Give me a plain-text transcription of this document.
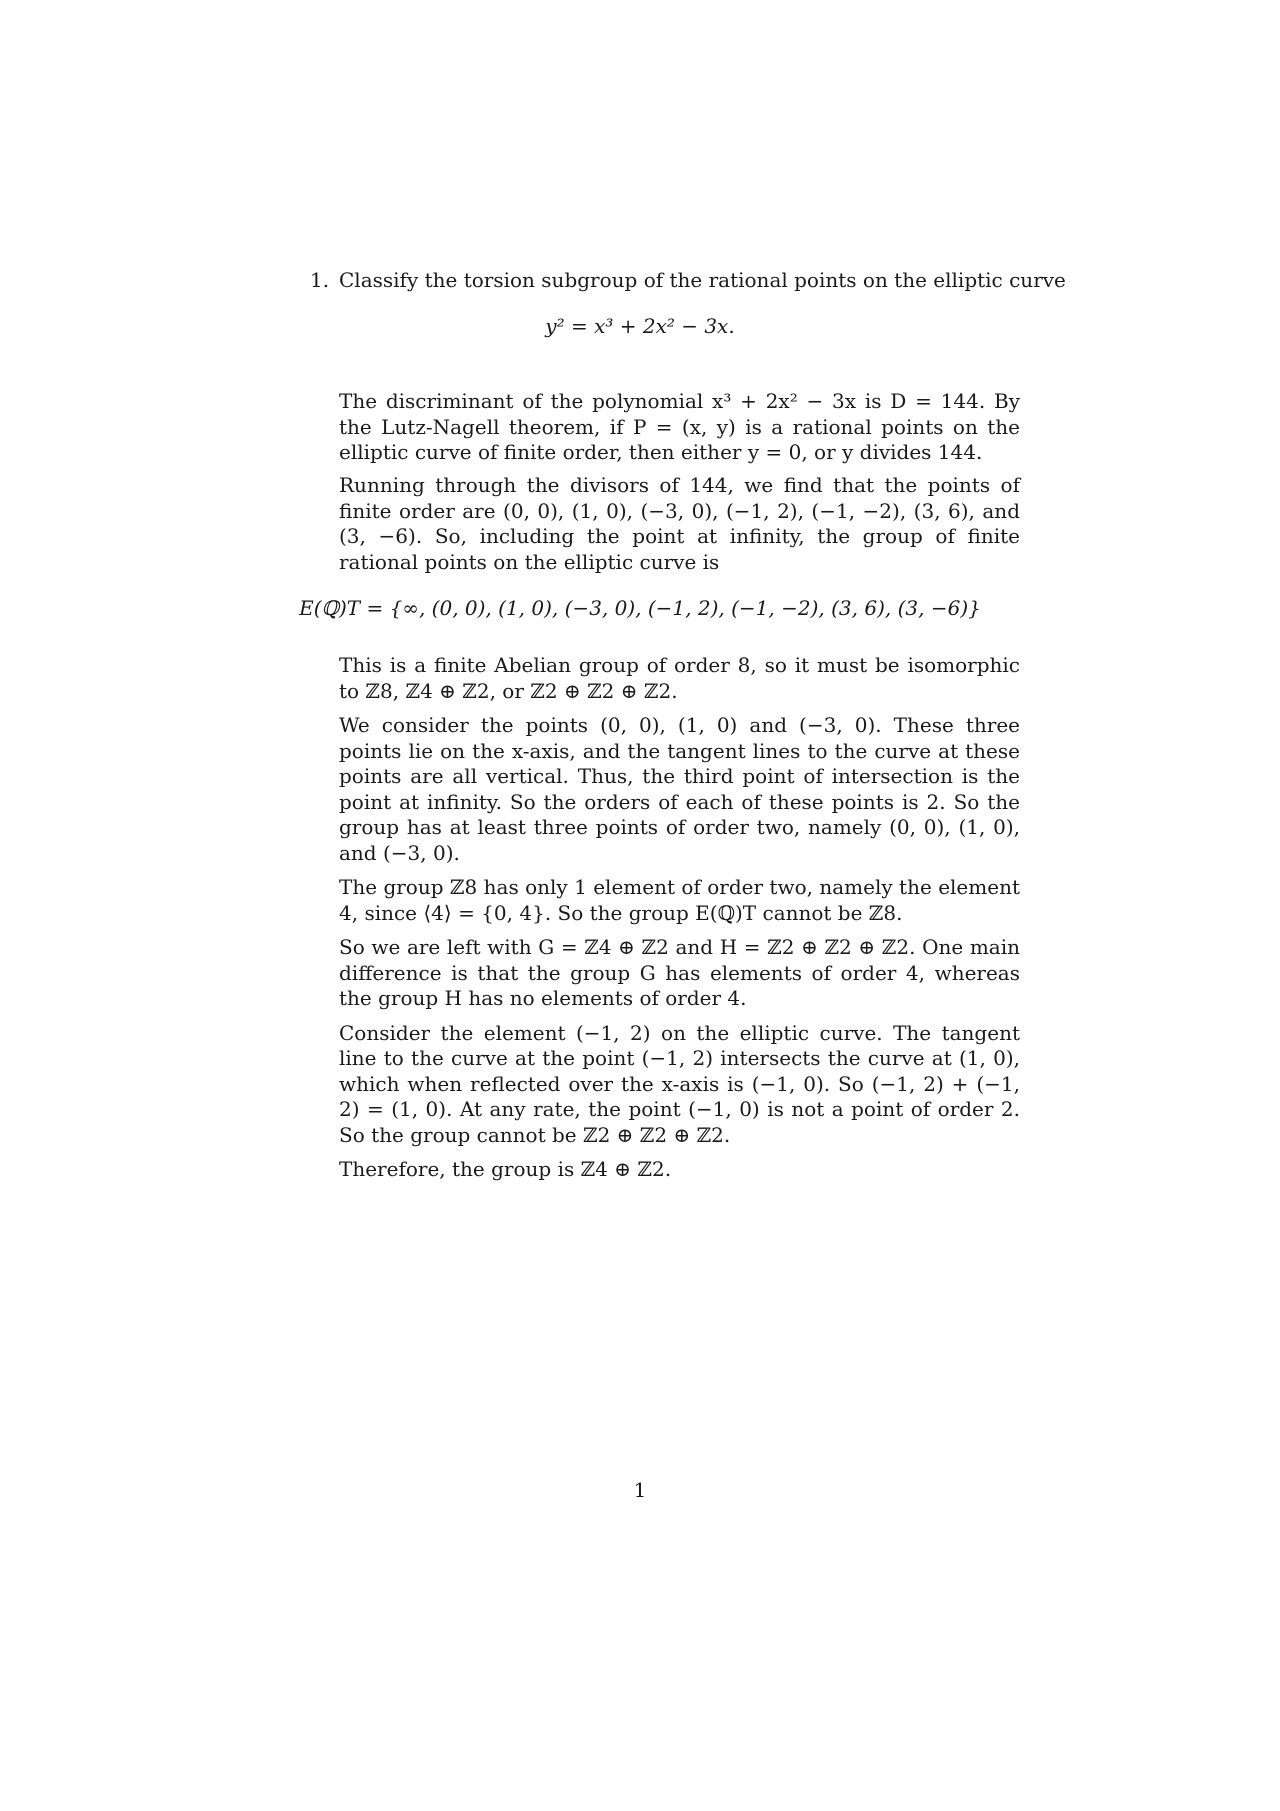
1. Classify the torsion subgroup of the rational points on the elliptic curve
y² = x³ + 2x² − 3x.

The discriminant of the polynomial x³ + 2x² − 3x is D = 144. By the Lutz-Nagell theorem, if P = (x, y) is a rational points on the elliptic curve of finite order, then either y = 0, or y divides 144.

Running through the divisors of 144, we find that the points of finite order are (0, 0), (1, 0), (−3, 0), (−1, 2), (−1, −2), (3, 6), and (3, −6). So, including the point at infinity, the group of finite rational points on the elliptic curve is

E(ℚ)T = {∞, (0, 0), (1, 0), (−3, 0), (−1, 2), (−1, −2), (3, 6), (3, −6)}

This is a finite Abelian group of order 8, so it must be isomorphic to ℤ8, ℤ4 ⊕ ℤ2, or ℤ2 ⊕ ℤ2 ⊕ ℤ2.

We consider the points (0, 0), (1, 0) and (−3, 0). These three points lie on the x-axis, and the tangent lines to the curve at these points are all vertical. Thus, the third point of intersection is the point at infinity. So the orders of each of these points is 2. So the group has at least three points of order two, namely (0, 0), (1, 0), and (−3, 0).

The group ℤ8 has only 1 element of order two, namely the element 4, since ⟨4⟩ = {0, 4}. So the group E(ℚ)T cannot be ℤ8.

So we are left with G = ℤ4 ⊕ ℤ2 and H = ℤ2 ⊕ ℤ2 ⊕ ℤ2. One main difference is that the group G has elements of order 4, whereas the group H has no elements of order 4.

Consider the element (−1, 2) on the elliptic curve. The tangent line to the curve at the point (−1, 2) intersects the curve at (1, 0), which when reflected over the x-axis is (−1, 0). So (−1, 2) + (−1, 2) = (1, 0). At any rate, the point (−1, 0) is not a point of order 2. So the group cannot be ℤ2 ⊕ ℤ2 ⊕ ℤ2.

Therefore, the group is ℤ4 ⊕ ℤ2.

1
